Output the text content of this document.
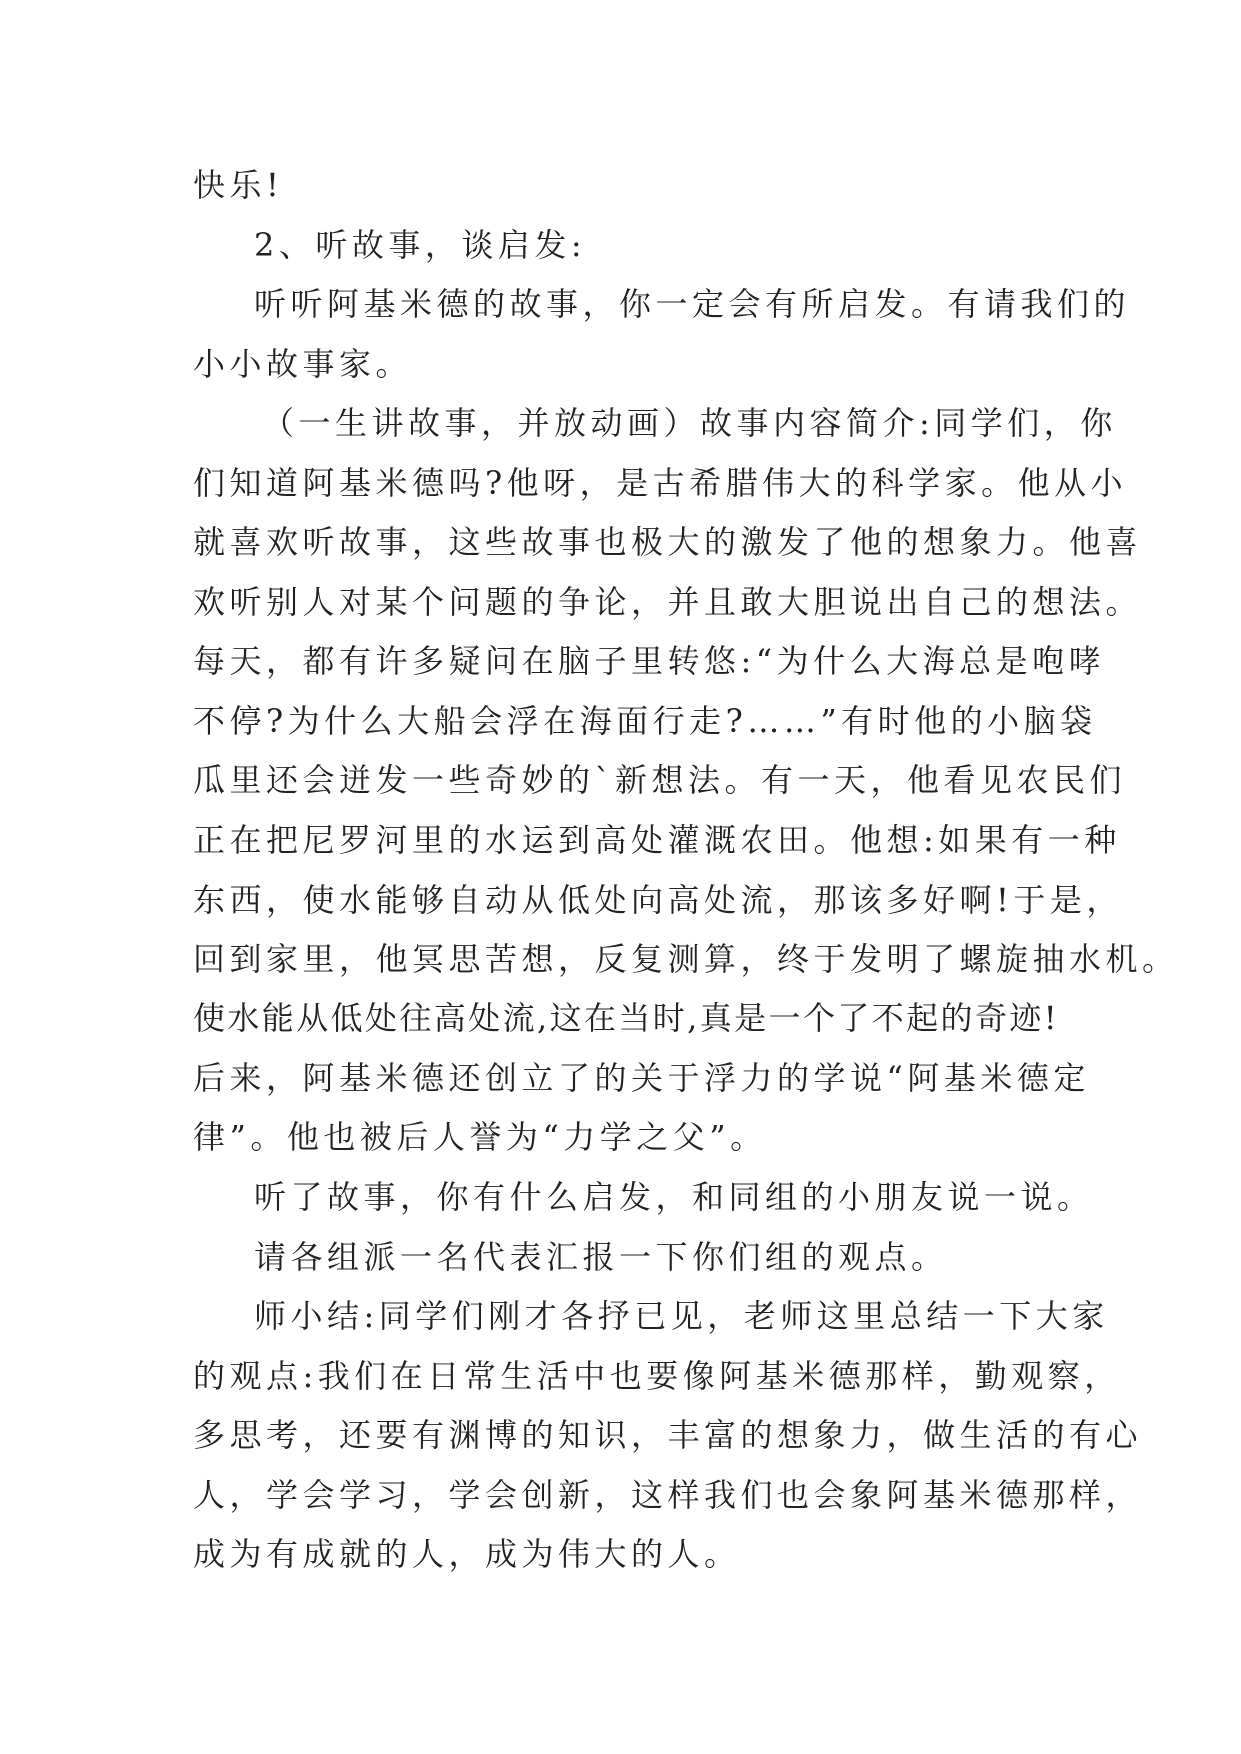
快乐!

2、听故事，谈启发:

听听阿基米德的故事，你一定会有所启发。有请我们的

小小故事家。

（一生讲故事，并放动画）故事内容简介:同学们，你

们知道阿基米德吗?他呀，是古希腊伟大的科学家。他从小

就喜欢听故事，这些故事也极大的激发了他的想象力。他喜

欢听别人对某个问题的争论，并且敢大胆说出自己的想法。

每天，都有许多疑问在脑子里转悠:“为什么大海总是咆哮

不停?为什么大船会浮在海面行走?……”有时他的小脑袋

瓜里还会迸发一些奇妙的`新想法。有一天，他看见农民们

正在把尼罗河里的水运到高处灌溉农田。他想:如果有一种

东西，使水能够自动从低处向高处流，那该多好啊!于是，

回到家里，他冥思苦想，反复测算，终于发明了螺旋抽水机。

使水能从低处往高处流,这在当时,真是一个了不起的奇迹!

后来，阿基米德还创立了的关于浮力的学说“阿基米德定

律”。他也被后人誉为“力学之父”。

听了故事，你有什么启发，和同组的小朋友说一说。

请各组派一名代表汇报一下你们组的观点。

师小结:同学们刚才各抒已见，老师这里总结一下大家

的观点:我们在日常生活中也要像阿基米德那样，勤观察，

多思考，还要有渊博的知识，丰富的想象力，做生活的有心

人，学会学习，学会创新，这样我们也会象阿基米德那样，

成为有成就的人，成为伟大的人。
